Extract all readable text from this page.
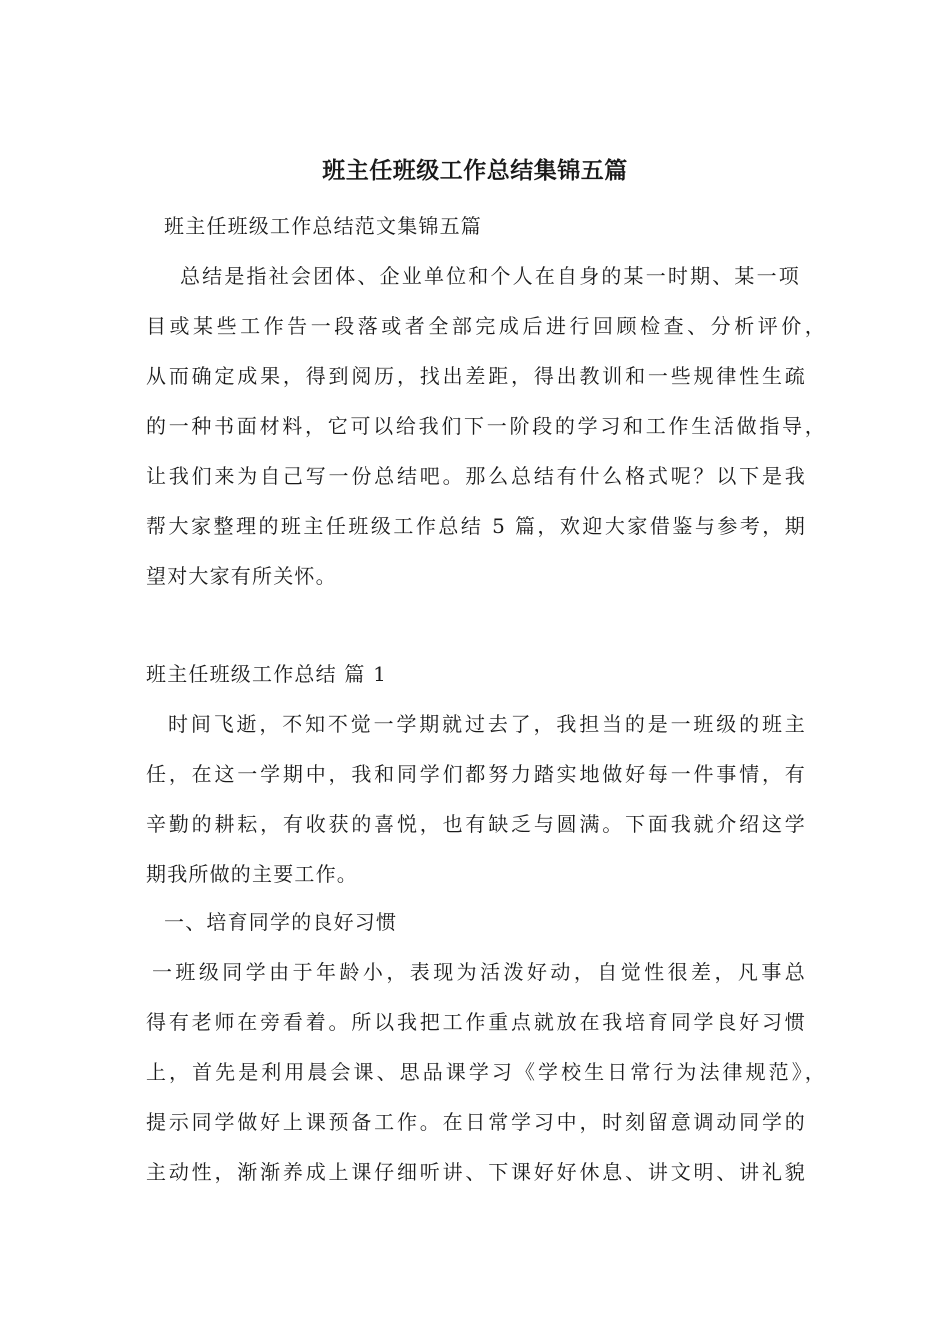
班主任班级工作总结集锦五篇
班主任班级工作总结范文集锦五篇
总结是指社会团体、企业单位和个人在自身的某一时期、某一项
目或某些工作告一段落或者全部完成后进行回顾检查、分析评价，
从而确定成果，得到阅历，找出差距，得出教训和一些规律性生疏
的一种书面材料，它可以给我们下一阶段的学习和工作生活做指导，
让我们来为自己写一份总结吧。那么总结有什么格式呢？以下是我
帮大家整理的班主任班级工作总结 5 篇，欢迎大家借鉴与参考，期
望对大家有所关怀。
班主任班级工作总结 篇 1
时间飞逝，不知不觉一学期就过去了，我担当的是一班级的班主
任，在这一学期中，我和同学们都努力踏实地做好每一件事情，有
辛勤的耕耘，有收获的喜悦，也有缺乏与圆满。下面我就介绍这学
期我所做的主要工作。
一、培育同学的良好习惯
一班级同学由于年龄小，表现为活泼好动，自觉性很差，凡事总
得有老师在旁看着。所以我把工作重点就放在我培育同学良好习惯
上，首先是利用晨会课、思品课学习《学校生日常行为法律规范》，
提示同学做好上课预备工作。在日常学习中，时刻留意调动同学的
主动性，渐渐养成上课仔细听讲、下课好好休息、讲文明、讲礼貌
